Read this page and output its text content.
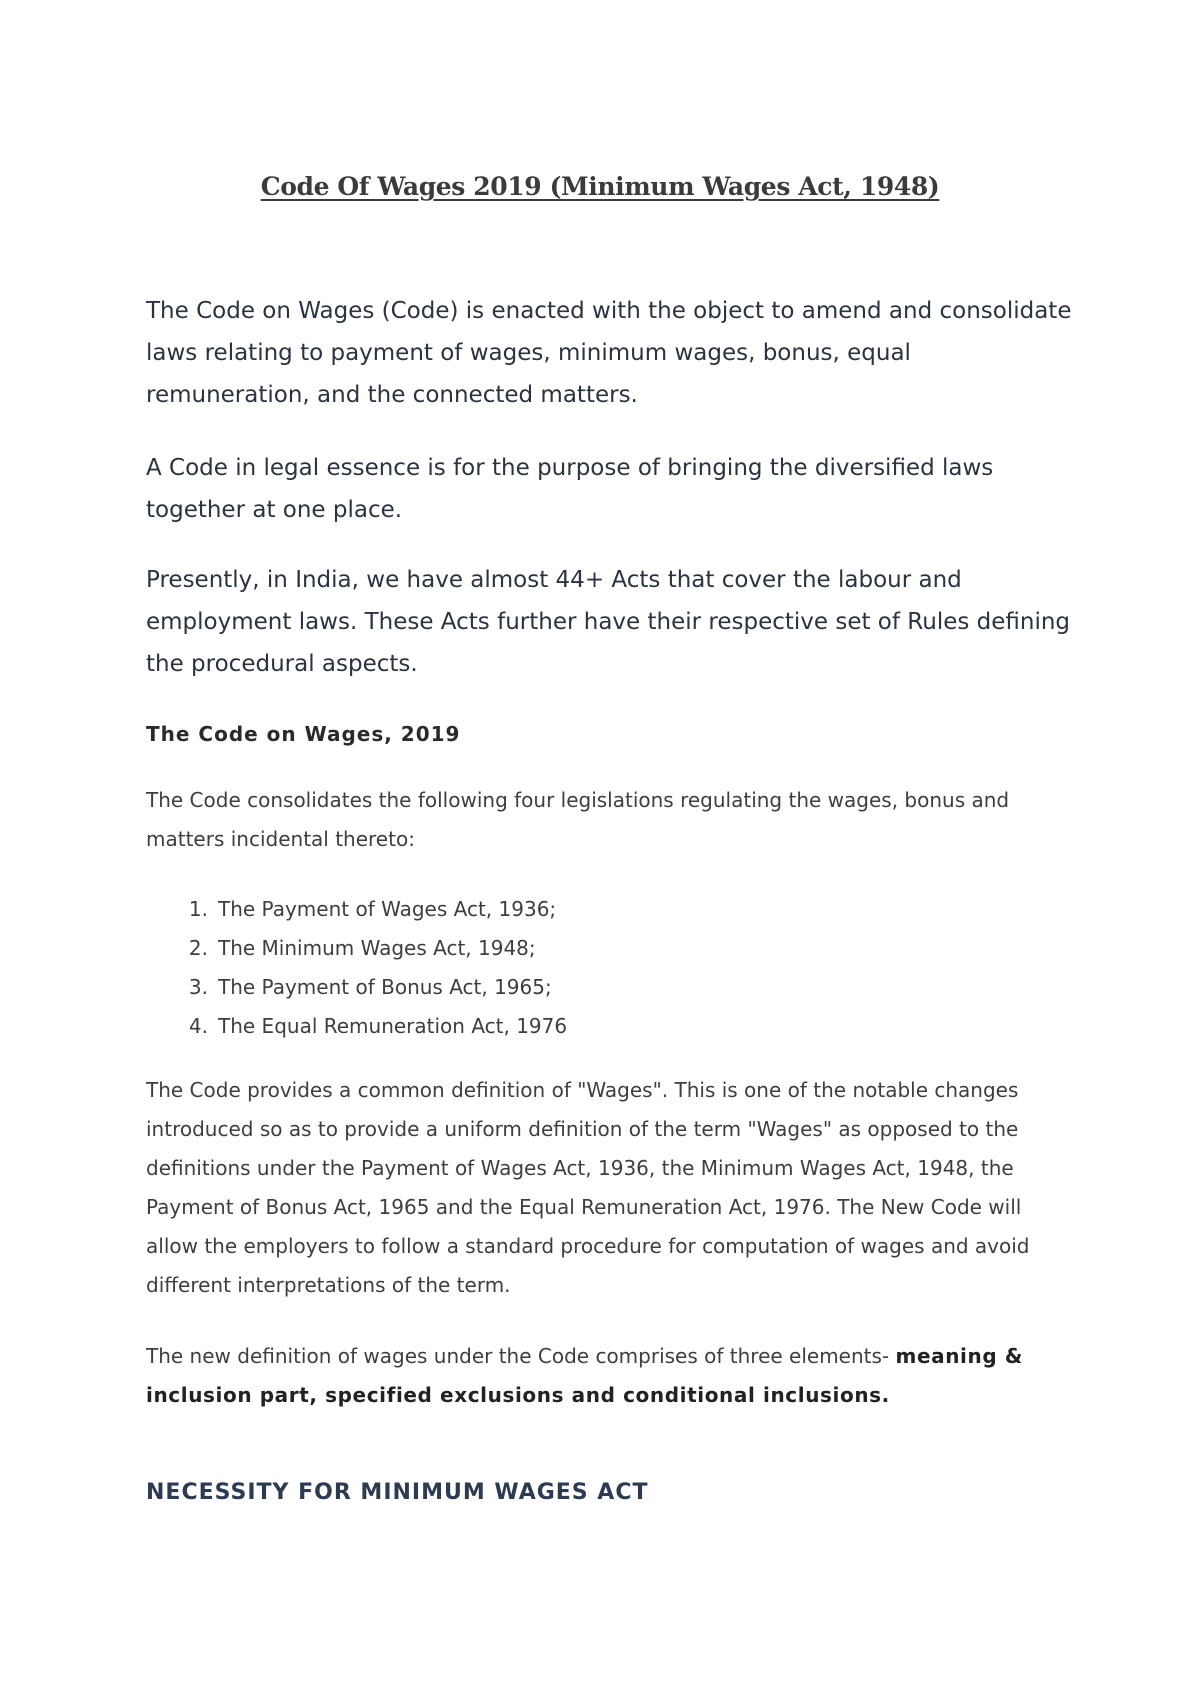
Code Of Wages 2019 (Minimum Wages Act, 1948)

The Code on Wages (Code) is enacted with the object to amend and consolidate laws relating to payment of wages, minimum wages, bonus, equal remuneration, and the connected matters.

A Code in legal essence is for the purpose of bringing the diversified laws together at one place.

Presently, in India, we have almost 44+ Acts that cover the labour and employment laws. These Acts further have their respective set of Rules defining the procedural aspects.

The Code on Wages, 2019

The Code consolidates the following four legislations regulating the wages, bonus and matters incidental thereto:

1. The Payment of Wages Act, 1936;
2. The Minimum Wages Act, 1948;
3. The Payment of Bonus Act, 1965;
4. The Equal Remuneration Act, 1976

The Code provides a common definition of "Wages". This is one of the notable changes introduced so as to provide a uniform definition of the term "Wages" as opposed to the definitions under the Payment of Wages Act, 1936, the Minimum Wages Act, 1948, the Payment of Bonus Act, 1965 and the Equal Remuneration Act, 1976. The New Code will allow the employers to follow a standard procedure for computation of wages and avoid different interpretations of the term.

The new definition of wages under the Code comprises of three elements- meaning & inclusion part, specified exclusions and conditional inclusions.

NECESSITY FOR MINIMUM WAGES ACT
